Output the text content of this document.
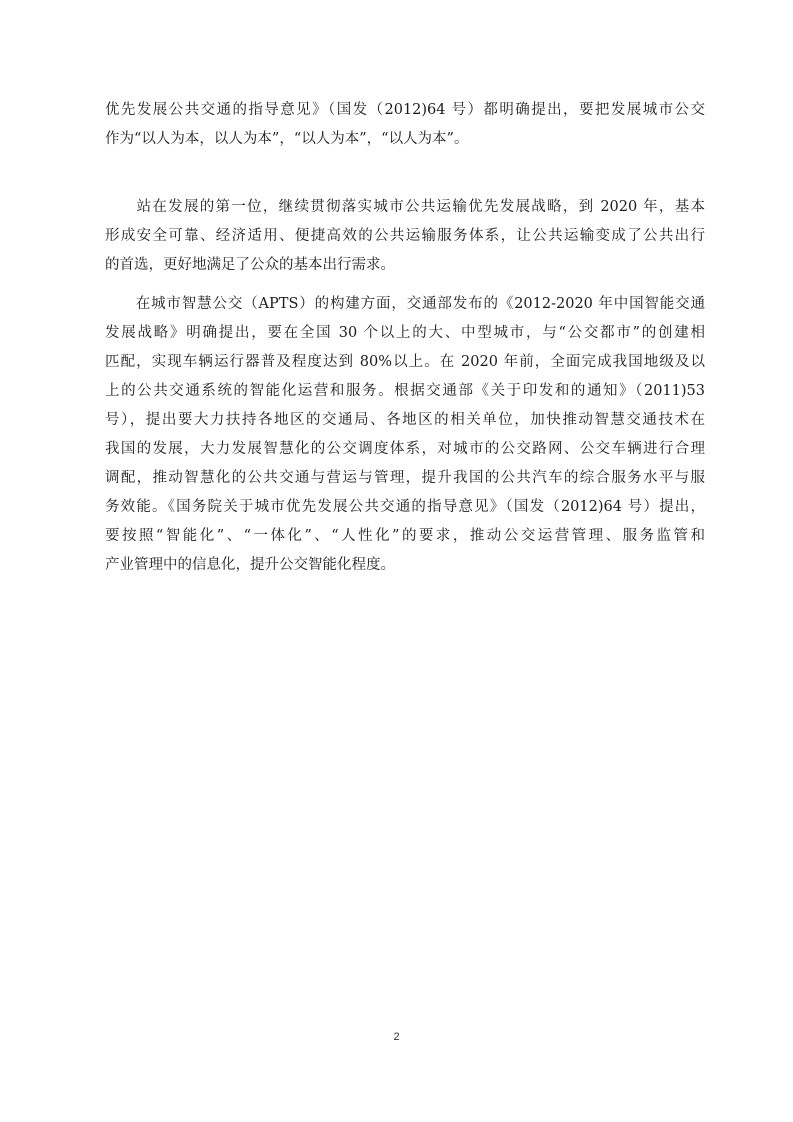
优先发展公共交通的指导意见》（国发（2012)64 号）都明确提出，要把发展城市公交
作为“以人为本，以人为本”，“以人为本”，“以人为本”。
　　站在发展的第一位，继续贯彻落实城市公共运输优先发展战略，到 2020 年，基本
形成安全可靠、经济适用、便捷高效的公共运输服务体系，让公共运输变成了公共出行
的首选，更好地满足了公众的基本出行需求。
　　在城市智慧公交（APTS）的构建方面，交通部发布的《2012-2020 年中国智能交通
发展战略》明确提出，要在全国 30 个以上的大、中型城市，与“公交都市”的创建相
匹配，实现车辆运行器普及程度达到 80%以上。在 2020 年前，全面完成我国地级及以
上的公共交通系统的智能化运营和服务。根据交通部《关于印发和的通知》（2011)53
号），提出要大力扶持各地区的交通局、各地区的相关单位，加快推动智慧交通技术在
我国的发展，大力发展智慧化的公交调度体系，对城市的公交路网、公交车辆进行合理
调配，推动智慧化的公共交通与营运与管理，提升我国的公共汽车的综合服务水平与服
务效能。《国务院关于城市优先发展公共交通的指导意见》（国发（2012)64 号）提出，
要按照“智能化”、“一体化”、“人性化”的要求，推动公交运营管理、服务监管和
产业管理中的信息化，提升公交智能化程度。
2
